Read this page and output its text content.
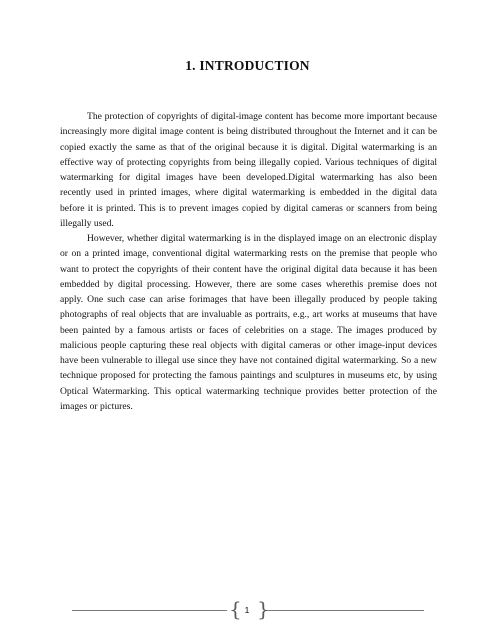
1. INTRODUCTION

The protection of copyrights of digital-image content has become more important because increasingly more digital image content is being distributed throughout the Internet and it can be copied exactly the same as that of the original because it is digital. Digital watermarking is an effective way of protecting copyrights from being illegally copied. Various techniques of digital watermarking for digital images have been developed.Digital watermarking has also been recently used in printed images, where digital watermarking is embedded in the digital data before it is printed. This is to prevent images copied by digital cameras or scanners from being illegally used.

However, whether digital watermarking is in the displayed image on an electronic display or on a printed image, conventional digital watermarking rests on the premise that people who want to protect the copyrights of their content have the original digital data because it has been embedded by digital processing. However, there are some cases wherethis premise does not apply. One such case can arise forimages that have been illegally produced by people taking photographs of real objects that are invaluable as portraits, e.g., art works at museums that have been painted by a famous artists or faces of celebrities on a stage. The images produced by malicious people capturing these real objects with digital cameras or other image-input devices have been vulnerable to illegal use since they have not contained digital watermarking. So a new technique proposed for protecting the famous paintings and sculptures in museums etc, by using Optical Watermarking. This optical watermarking technique provides better protection of the images or pictures.

{ 1 }
